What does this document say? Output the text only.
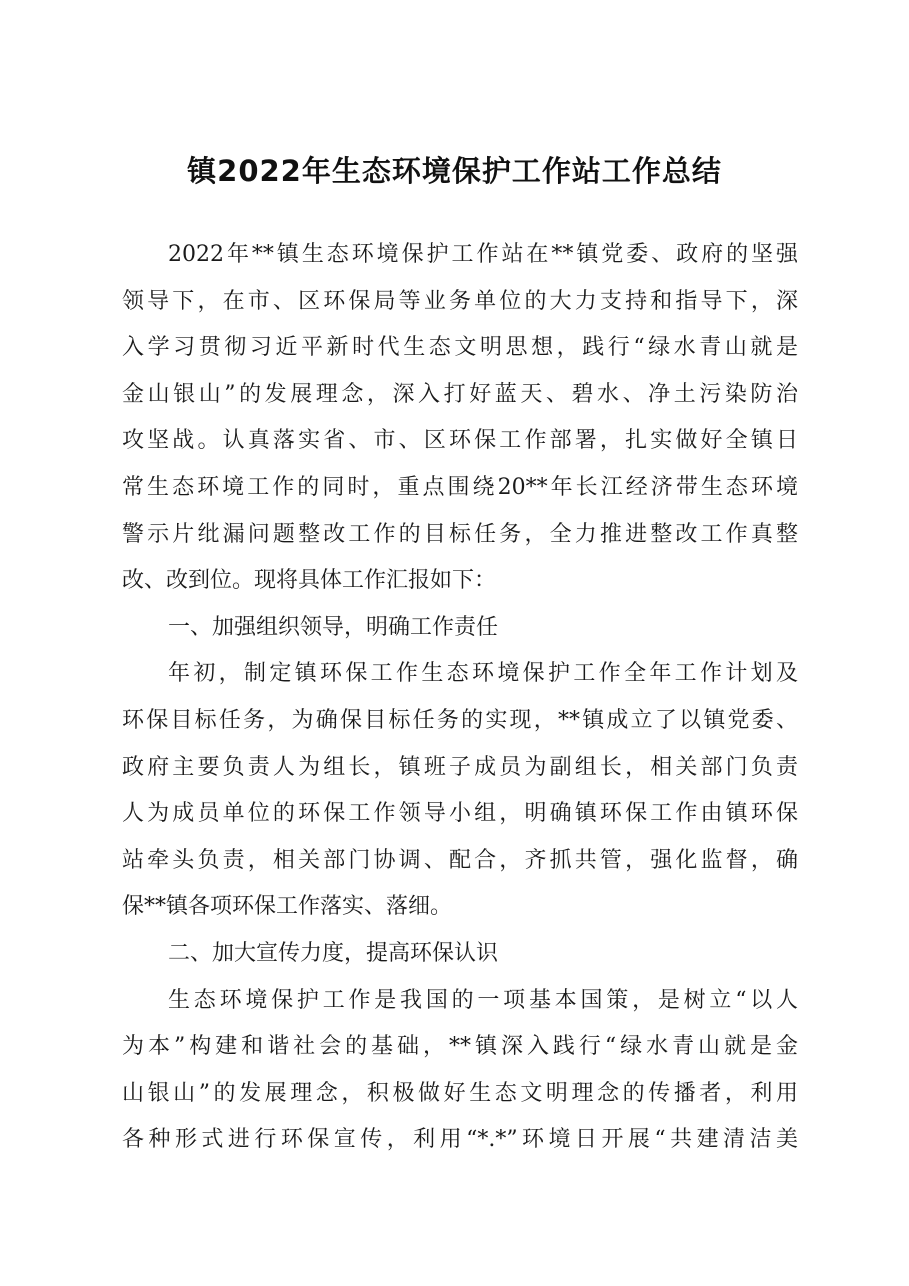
镇2022年生态环境保护工作站工作总结
2022年**镇生态环境保护工作站在**镇党委、政府的坚强
领导下，在市、区环保局等业务单位的大力支持和指导下，深
入学习贯彻习近平新时代生态文明思想，践行“绿水青山就是
金山银山”的发展理念，深入打好蓝天、碧水、净土污染防治
攻坚战。认真落实省、市、区环保工作部署，扎实做好全镇日
常生态环境工作的同时，重点围绕20**年长江经济带生态环境
警示片纰漏问题整改工作的目标任务，全力推进整改工作真整
改、改到位。现将具体工作汇报如下：
一、加强组织领导，明确工作责任
年初，制定镇环保工作生态环境保护工作全年工作计划及
环保目标任务，为确保目标任务的实现，**镇成立了以镇党委、
政府主要负责人为组长，镇班子成员为副组长，相关部门负责
人为成员单位的环保工作领导小组，明确镇环保工作由镇环保
站牵头负责，相关部门协调、配合，齐抓共管，强化监督，确
保**镇各项环保工作落实、落细。
二、加大宣传力度，提高环保认识
生态环境保护工作是我国的一项基本国策，是树立“以人
为本”构建和谐社会的基础，**镇深入践行“绿水青山就是金
山银山”的发展理念，积极做好生态文明理念的传播者，利用
各种形式进行环保宣传，利用“*.*”环境日开展“共建清洁美
